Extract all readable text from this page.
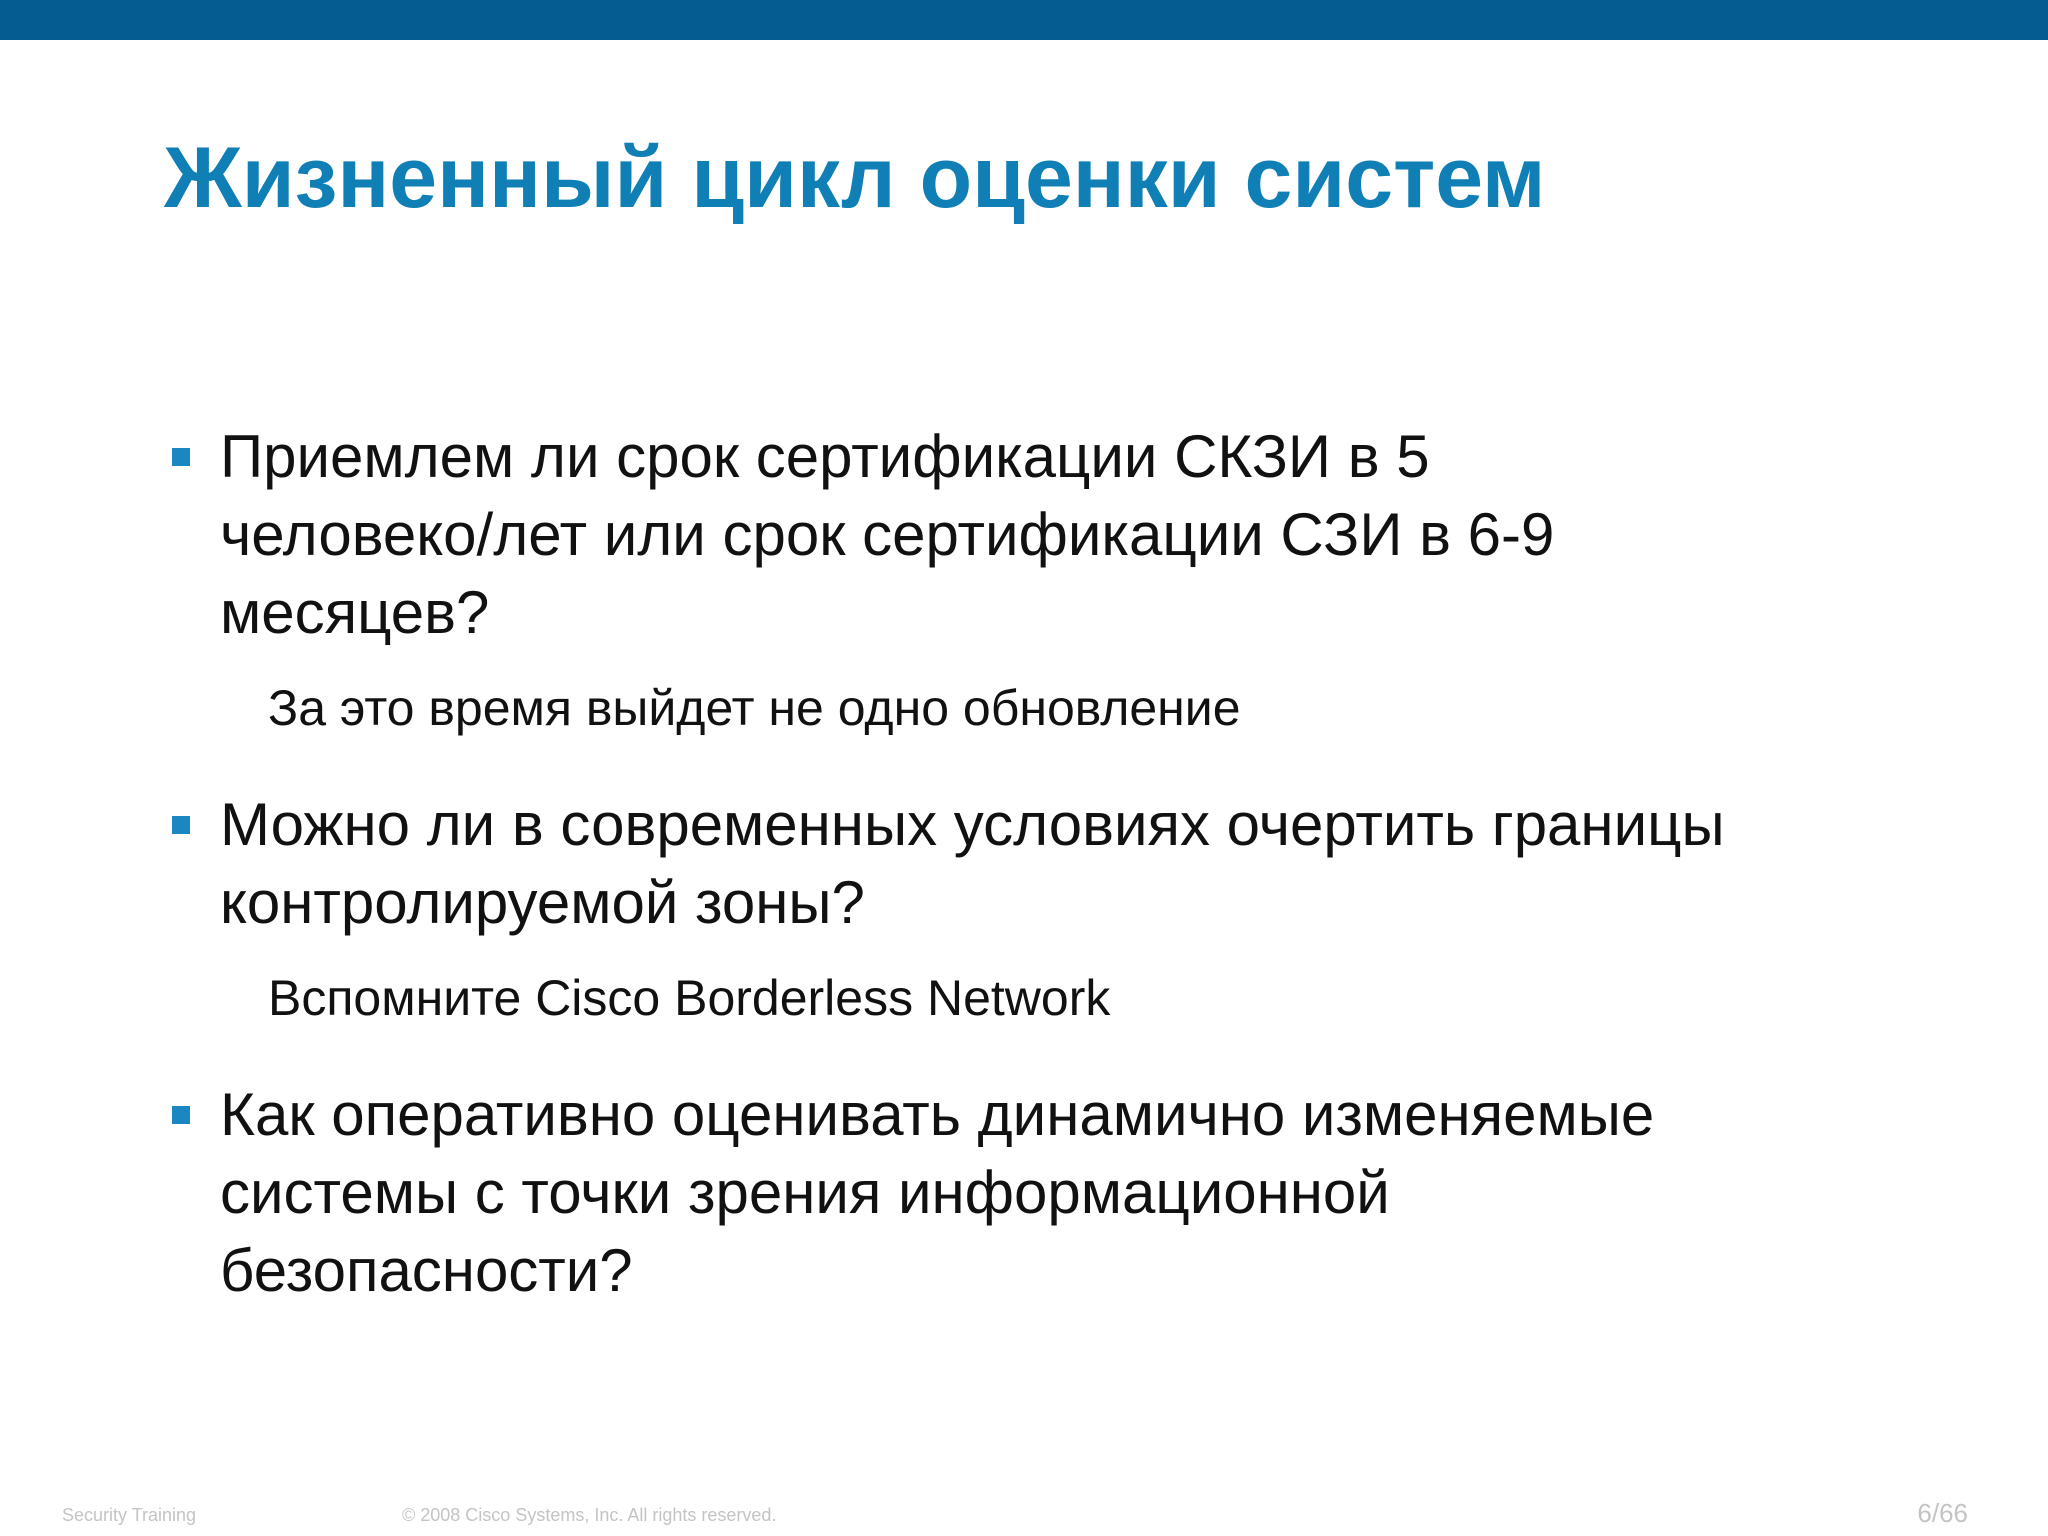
Жизненный цикл оценки систем
Приемлем ли срок сертификации СКЗИ в 5
человеко/лет или срок сертификации СЗИ в 6-9
месяцев?
За это время выйдет не одно обновление
Можно ли в современных условиях очертить границы
контролируемой зоны?
Вспомните Cisco Borderless Network
Как оперативно оценивать динамично изменяемые
системы с точки зрения информационной
безопасности?
Security Training	© 2008 Cisco Systems, Inc. All rights reserved.	6/66
